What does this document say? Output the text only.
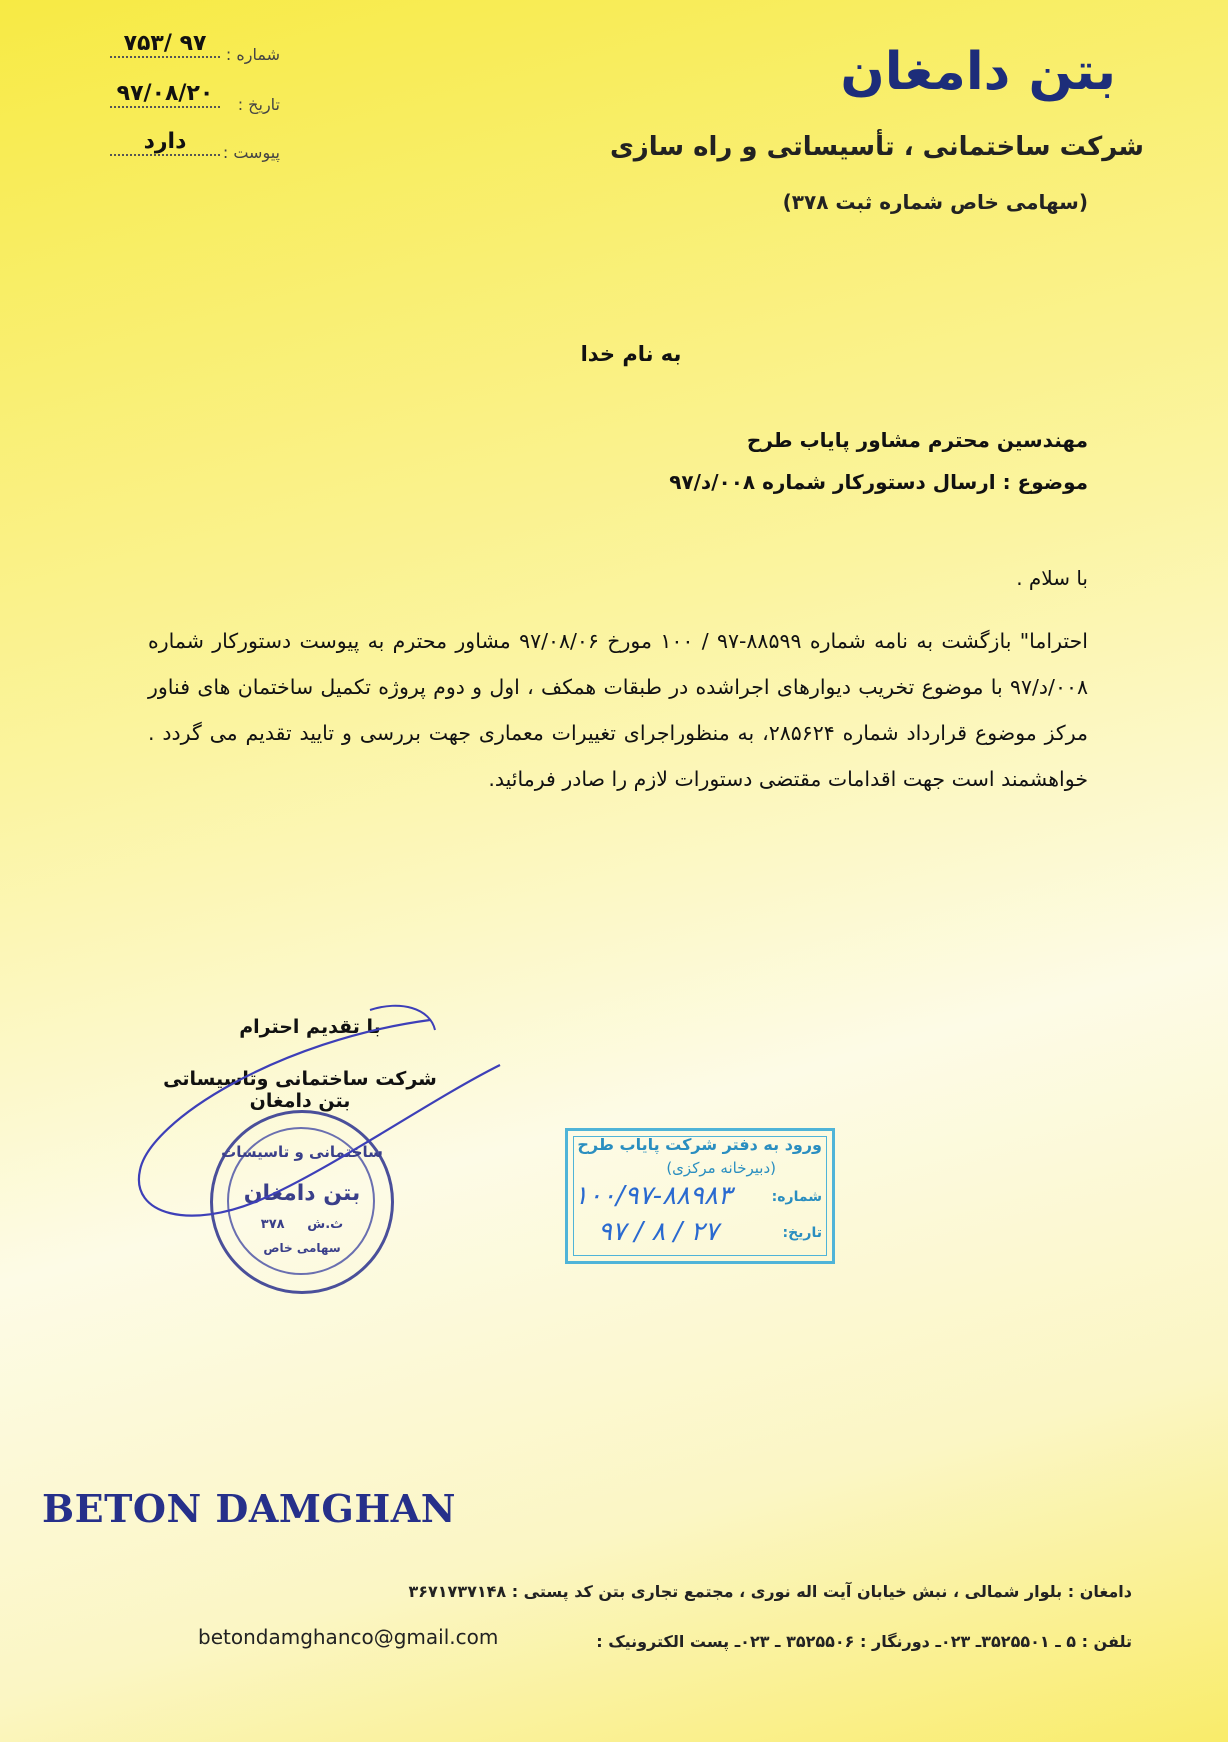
شماره :
۹۷ /۷۵۳
تاریخ :
۹۷/۰۸/۲۰
پیوست :
دارد
بتن دامغان
شرکت ساختمانی ، تأسیساتی و راه سازی
(سهامی خاص شماره ثبت ۳۷۸)
به نام خدا
مهندسین محترم مشاور پایاب طرح
موضوع : ارسال دستورکار شماره ۰۰۸/د/۹۷
با سلام .
احتراما" بازگشت به نامه شماره ۸۸۵۹۹-۹۷ / ۱۰۰ مورخ ۹۷/۰۸/۰۶ مشاور محترم به پیوست دستورکار شماره ۰۰۸/د/۹۷ با موضوع تخریب دیوارهای اجراشده در طبقات همکف ، اول و دوم پروژه تکمیل ساختمان های فناور مرکز موضوع قرارداد شماره ۲۸۵۶۲۴، به منظوراجرای تغییرات معماری جهت بررسی و تایید تقدیم می گردد . خواهشمند است جهت اقدامات مقتضی دستورات لازم را صادر فرمائید.
با تقدیم احترام
شرکت ساختمانی وتاسیساتی بتن دامغان
ساختمانی و تاسیسات
بتن دامغان
۳۷۸ ث.ش
سهامی خاص
ورود به دفتر شرکت پایاب طرح
(دبیرخانه مرکزی)
شماره:
۱۰۰/۹۷-۸۸۹۸۳
تاریخ:
۹۷ / ۸ / ۲۷
BETON DAMGHAN
دامغان : بلوار شمالی ، نبش خیابان آیت اله نوری ، مجتمع تجاری بتن کد پستی : ۳۶۷۱۷۳۷۱۴۸
تلفن : ۵ ـ ۳۵۲۵۵۰۱ـ ۰۲۳ـ دورنگار : ۳۵۲۵۵۰۶ ـ ۰۲۳ـ پست الکترونیک :
betondamghanco@gmail.com
